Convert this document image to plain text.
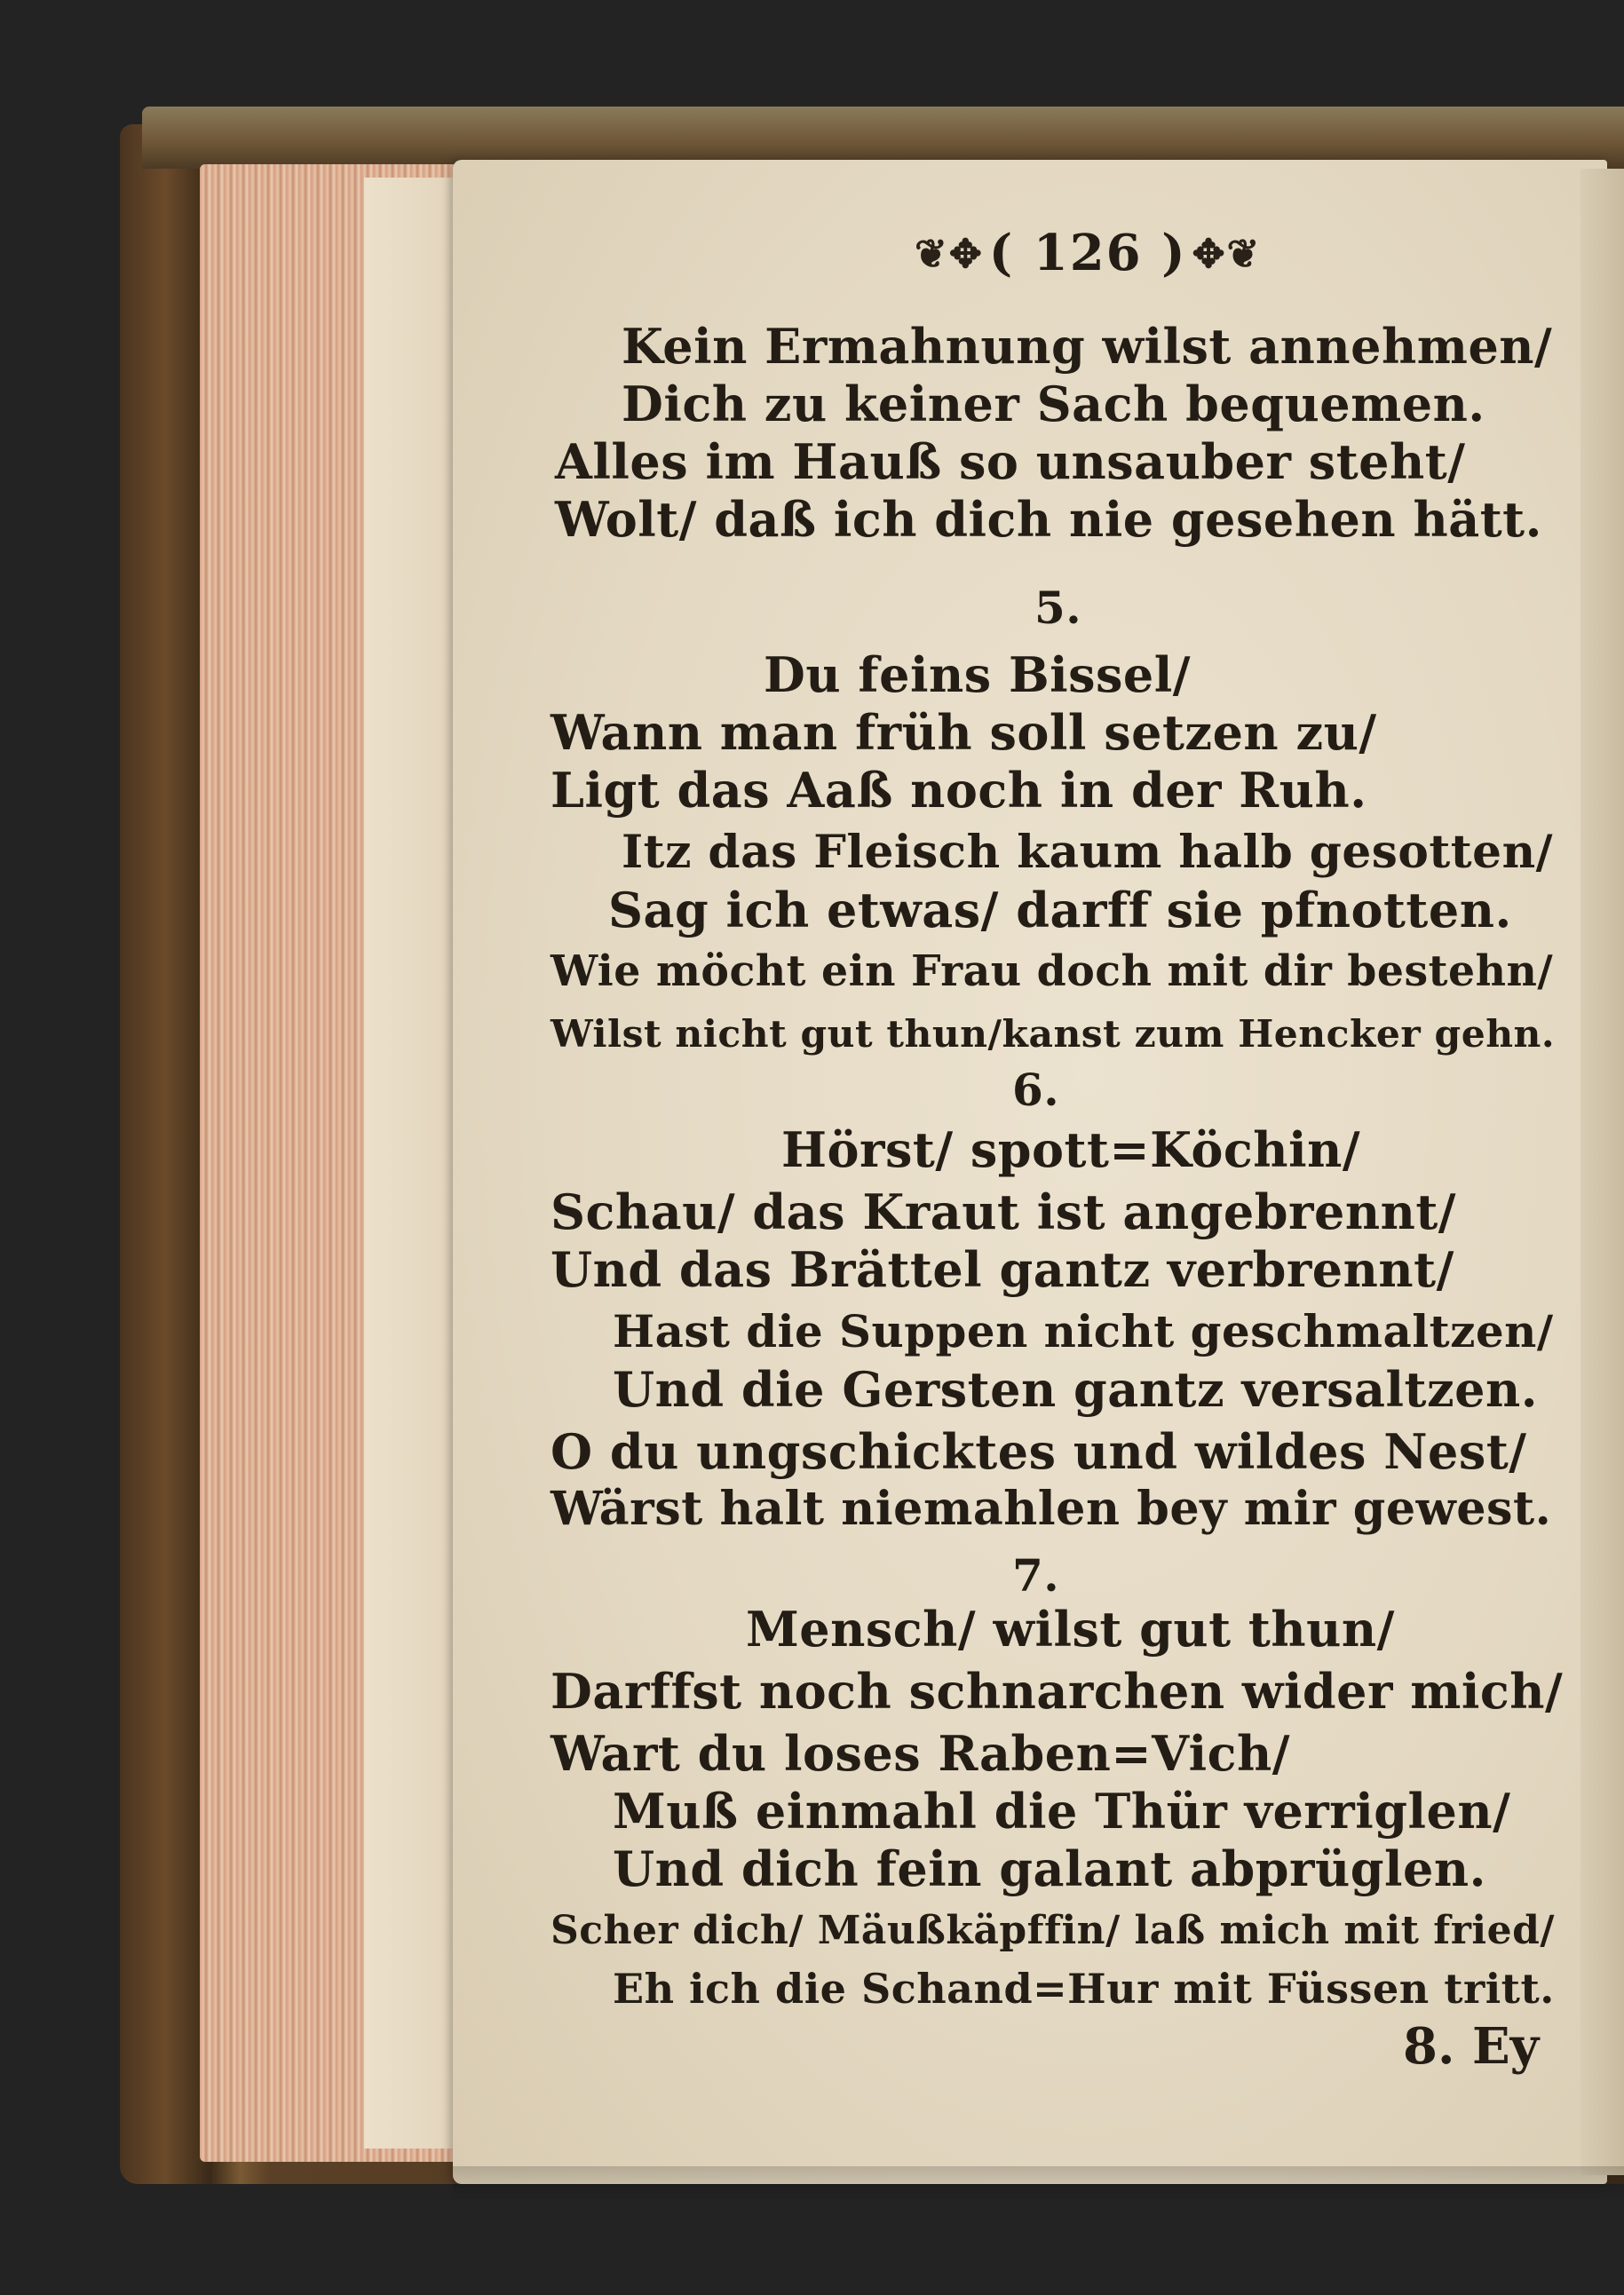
❦✥ ( 126 ) ✥❦
Kein Ermahnung wilst annehmen/
Dich zu keiner Sach bequemen.
Alles im Hauß so unsauber steht/
Wolt/ daß ich dich nie gesehen hätt.
5.
Du feins Bissel/
Wann man früh soll setzen zu/
Ligt das Aaß noch in der Ruh.
Itz das Fleisch kaum halb gesotten/
Sag ich etwas/ darff sie pfnotten.
Wie möcht ein Frau doch mit dir bestehn/
Wilst nicht gut thun/kanst zum Hencker gehn.
6.
Hörst/ spott=Köchin/
Schau/ das Kraut ist angebrennt/
Und das Brättel gantz verbrennt/
Hast die Suppen nicht geschmaltzen/
Und die Gersten gantz versaltzen.
O du ungschicktes und wildes Nest/
Wärst halt niemahlen bey mir gewest.
7.
Mensch/ wilst gut thun/
Darffst noch schnarchen wider mich/
Wart du loses Raben=Vich/
Muß einmahl die Thür verriglen/
Und dich fein galant abprüglen.
Scher dich/ Mäußkäpffin/ laß mich mit fried/
Eh ich die Schand=Hur mit Füssen tritt.
8. Ey
